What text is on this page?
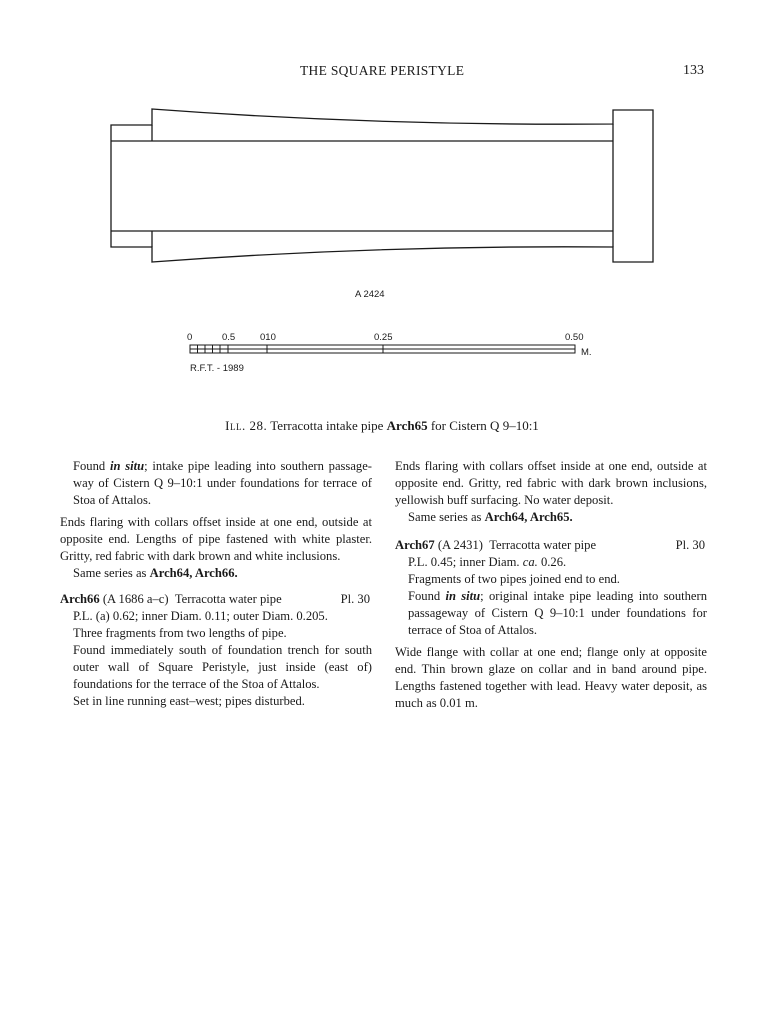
THE SQUARE PERISTYLE	133
A 2424
0	0.5	010	0.25	0.50
M.
R.F.T. - 1989
Ill. 28. Terracotta intake pipe Arch65 for Cistern Q 9–10:1

Found in situ; intake pipe leading into southern passage-way of Cistern Q 9–10:1 under foundations for terrace of Stoa of Attalos.

Ends flaring with collars offset inside at one end, outside at opposite end. Lengths of pipe fastened with white plaster. Gritty, red fabric with dark brown and white inclusions.

Same series as Arch64, Arch66.

Arch66 (A 1686 a–c) Terracotta water pipe	Pl. 30

P.L. (a) 0.62; inner Diam. 0.11; outer Diam. 0.205.

Three fragments from two lengths of pipe.

Found immediately south of foundation trench for south outer wall of Square Peristyle, just inside (east of) foundations for the terrace of the Stoa of Attalos.

Set in line running east–west; pipes disturbed.

Ends flaring with collars offset inside at one end, outside at opposite end. Gritty, red fabric with dark brown inclusions, yellowish buff surfacing. No water deposit.

Same series as Arch64, Arch65.

Arch67 (A 2431) Terracotta water pipe	Pl. 30

P.L. 0.45; inner Diam. ca. 0.26.

Fragments of two pipes joined end to end.

Found in situ; original intake pipe leading into southern passageway of Cistern Q 9–10:1 under foundations for terrace of Stoa of Attalos.

Wide flange with collar at one end; flange only at opposite end. Thin brown glaze on collar and in band around pipe. Lengths fastened together with lead. Heavy water deposit, as much as 0.01 m.
